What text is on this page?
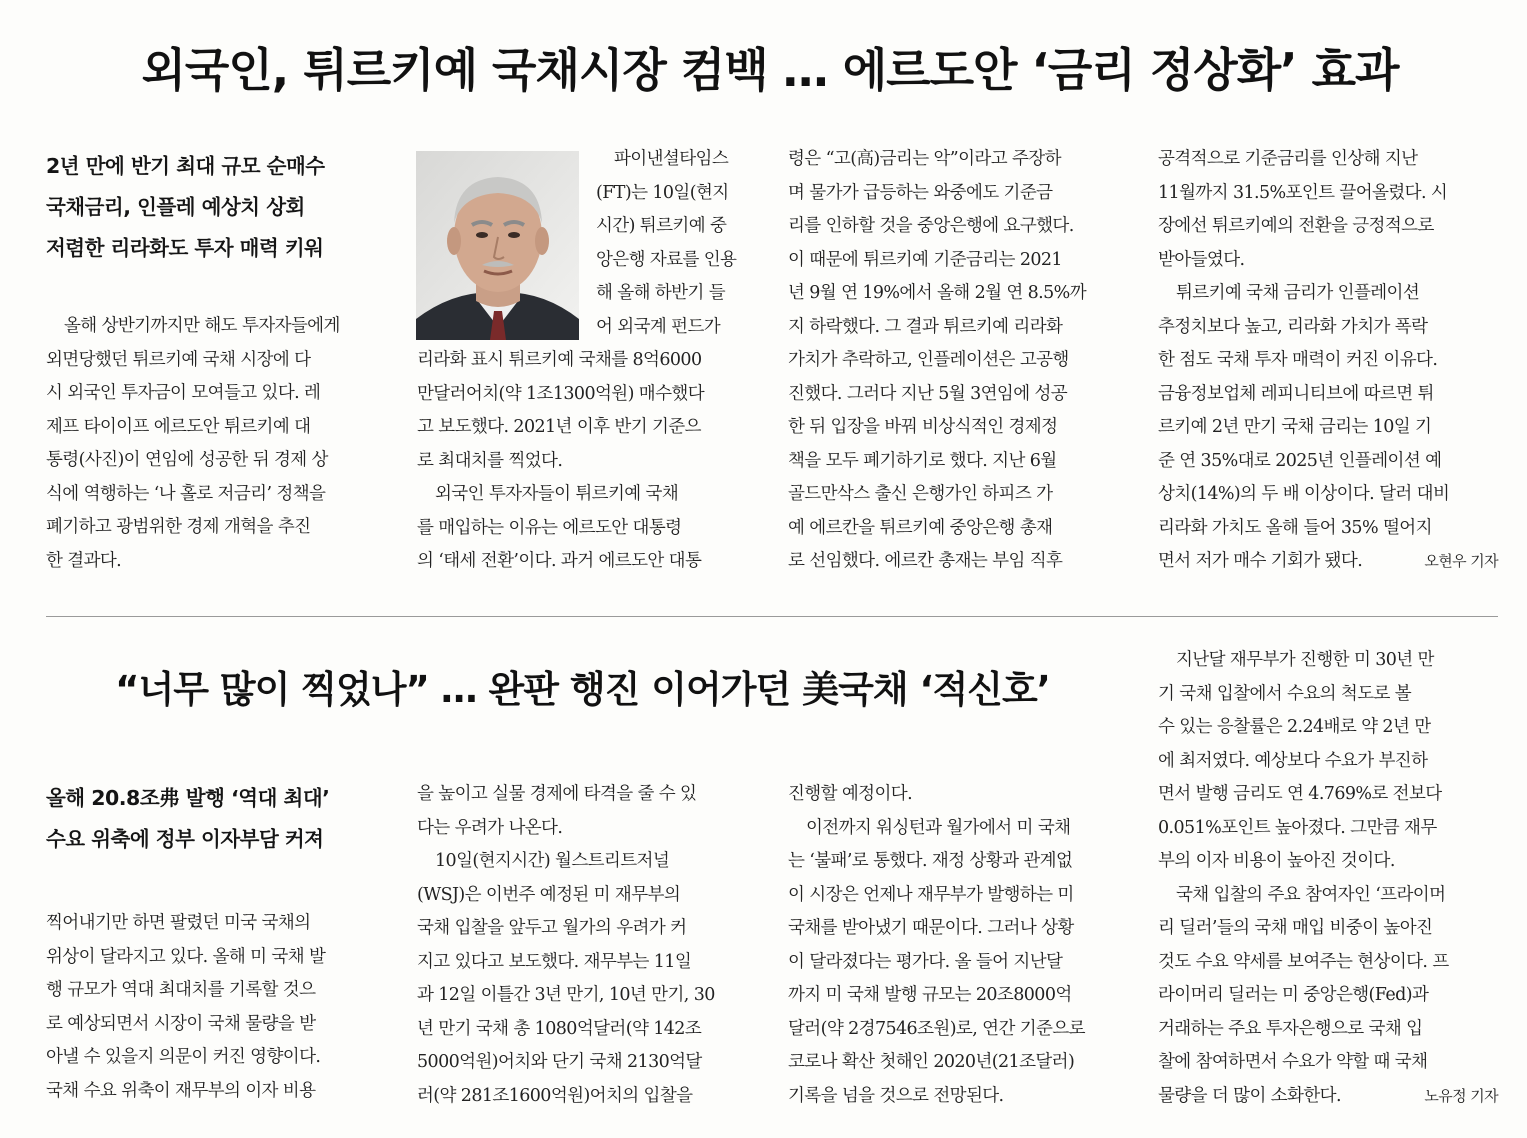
외국인, 튀르키예 국채시장 컴백 … 에르도안 ‘금리 정상화’ 효과
2년 만에 반기 최대 규모 순매수
국채금리, 인플레 예상치 상회
저렴한 리라화도 투자 매력 키워

올해 상반기까지만 해도 투자자들에게

외면당했던 튀르키예 국채 시장에 다

시 외국인 투자금이 모여들고 있다. 레

제프 타이이프 에르도안 튀르키예 대

통령(사진)이 연임에 성공한 뒤 경제 상

식에 역행하는 ‘나 홀로 저금리’ 정책을

폐기하고 광범위한 경제 개혁을 추진

한 결과다.

파이낸셜타임스

(FT)는 10일(현지

시간) 튀르키예 중

앙은행 자료를 인용

해 올해 하반기 들

어 외국계 펀드가

리라화 표시 튀르키예 국채를 8억6000

만달러어치(약 1조1300억원) 매수했다

고 보도했다. 2021년 이후 반기 기준으

로 최대치를 찍었다.

외국인 투자자들이 튀르키예 국채

를 매입하는 이유는 에르도안 대통령

의 ‘태세 전환’이다. 과거 에르도안 대통

령은 “고(高)금리는 악”이라고 주장하

며 물가가 급등하는 와중에도 기준금

리를 인하할 것을 중앙은행에 요구했다.

이 때문에 튀르키예 기준금리는 2021

년 9월 연 19%에서 올해 2월 연 8.5%까

지 하락했다. 그 결과 튀르키예 리라화

가치가 추락하고, 인플레이션은 고공행

진했다. 그러다 지난 5월 3연임에 성공

한 뒤 입장을 바꿔 비상식적인 경제정

책을 모두 폐기하기로 했다. 지난 6월

골드만삭스 출신 은행가인 하피즈 가

예 에르칸을 튀르키예 중앙은행 총재

로 선임했다. 에르칸 총재는 부임 직후

공격적으로 기준금리를 인상해 지난

11월까지 31.5%포인트 끌어올렸다. 시

장에선 튀르키예의 전환을 긍정적으로

받아들였다.

튀르키예 국채 금리가 인플레이션

추정치보다 높고, 리라화 가치가 폭락

한 점도 국채 투자 매력이 커진 이유다.

금융정보업체 레피니티브에 따르면 튀

르키예 2년 만기 국채 금리는 10일 기

준 연 35%대로 2025년 인플레이션 예

상치(14%)의 두 배 이상이다. 달러 대비

리라화 가치도 올해 들어 35% 떨어지

면서 저가 매수 기회가 됐다.	오현우 기자

“너무 많이 찍었나” … 완판 행진 이어가던 美국채 ‘적신호’
올해 20.8조弗 발행 ‘역대 최대’
수요 위축에 정부 이자부담 커져

찍어내기만 하면 팔렸던 미국 국채의

위상이 달라지고 있다. 올해 미 국채 발

행 규모가 역대 최대치를 기록할 것으

로 예상되면서 시장이 국채 물량을 받

아낼 수 있을지 의문이 커진 영향이다.

국채 수요 위축이 재무부의 이자 비용

을 높이고 실물 경제에 타격을 줄 수 있

다는 우려가 나온다.

10일(현지시간) 월스트리트저널

(WSJ)은 이번주 예정된 미 재무부의

국채 입찰을 앞두고 월가의 우려가 커

지고 있다고 보도했다. 재무부는 11일

과 12일 이틀간 3년 만기, 10년 만기, 30

년 만기 국채 총 1080억달러(약 142조

5000억원)어치와 단기 국채 2130억달

러(약 281조1600억원)어치의 입찰을

진행할 예정이다.

이전까지 워싱턴과 월가에서 미 국채

는 ‘불패’로 통했다. 재정 상황과 관계없

이 시장은 언제나 재무부가 발행하는 미

국채를 받아냈기 때문이다. 그러나 상황

이 달라졌다는 평가다. 올 들어 지난달

까지 미 국채 발행 규모는 20조8000억

달러(약 2경7546조원)로, 연간 기준으로

코로나 확산 첫해인 2020년(21조달러)

기록을 넘을 것으로 전망된다.

지난달 재무부가 진행한 미 30년 만

기 국채 입찰에서 수요의 척도로 볼

수 있는 응찰률은 2.24배로 약 2년 만

에 최저였다. 예상보다 수요가 부진하

면서 발행 금리도 연 4.769%로 전보다

0.051%포인트 높아졌다. 그만큼 재무

부의 이자 비용이 높아진 것이다.

국채 입찰의 주요 참여자인 ‘프라이머

리 딜러’들의 국채 매입 비중이 높아진

것도 수요 약세를 보여주는 현상이다. 프

라이머리 딜러는 미 중앙은행(Fed)과

거래하는 주요 투자은행으로 국채 입

찰에 참여하면서 수요가 약할 때 국채

물량을 더 많이 소화한다.	노유정 기자
